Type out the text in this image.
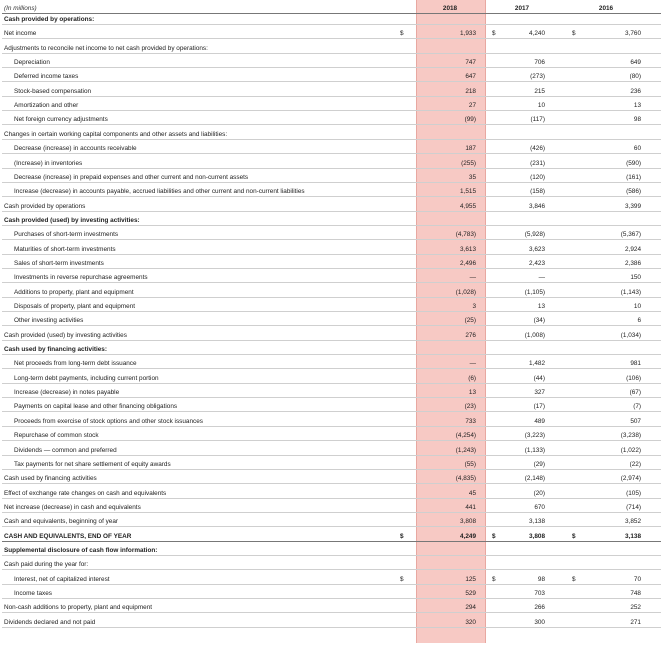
(In millions)	2018	2017	2016
Cash provided by operations:
Net income	$	1,933	$	4,240	$	3,760
Adjustments to reconcile net income to net cash provided by operations:
Depreciation	747	706	649
Deferred income taxes	647	(273)	(80)
Stock-based compensation	218	215	236
Amortization and other	27	10	13
Net foreign currency adjustments	(99)	(117)	98
Changes in certain working capital components and other assets and liabilities:
Decrease (increase) in accounts receivable	187	(426)	60
(Increase) in inventories	(255)	(231)	(590)
Decrease (increase) in prepaid expenses and other current and non-current assets	35	(120)	(161)
Increase (decrease) in accounts payable, accrued liabilities and other current and non-current liabilities	1,515	(158)	(586)
Cash provided by operations	4,955	3,846	3,399
Cash provided (used) by investing activities:
Purchases of short-term investments	(4,783)	(5,928)	(5,367)
Maturities of short-term investments	3,613	3,623	2,924
Sales of short-term investments	2,496	2,423	2,386
Investments in reverse repurchase agreements	—	—	150
Additions to property, plant and equipment	(1,028)	(1,105)	(1,143)
Disposals of property, plant and equipment	3	13	10
Other investing activities	(25)	(34)	6
Cash provided (used) by investing activities	276	(1,008)	(1,034)
Cash used by financing activities:
Net proceeds from long-term debt issuance	—	1,482	981
Long-term debt payments, including current portion	(6)	(44)	(106)
Increase (decrease) in notes payable	13	327	(67)
Payments on capital lease and other financing obligations	(23)	(17)	(7)
Proceeds from exercise of stock options and other stock issuances	733	489	507
Repurchase of common stock	(4,254)	(3,223)	(3,238)
Dividends — common and preferred	(1,243)	(1,133)	(1,022)
Tax payments for net share settlement of equity awards	(55)	(29)	(22)
Cash used by financing activities	(4,835)	(2,148)	(2,974)
Effect of exchange rate changes on cash and equivalents	45	(20)	(105)
Net increase (decrease) in cash and equivalents	441	670	(714)
Cash and equivalents, beginning of year	3,808	3,138	3,852
CASH AND EQUIVALENTS, END OF YEAR	$	4,249	$	3,808	$	3,138
Supplemental disclosure of cash flow information:
Cash paid during the year for:
Interest, net of capitalized interest	$	125	$	98	$	70
Income taxes	529	703	748
Non-cash additions to property, plant and equipment	294	266	252
Dividends declared and not paid	320	300	271
